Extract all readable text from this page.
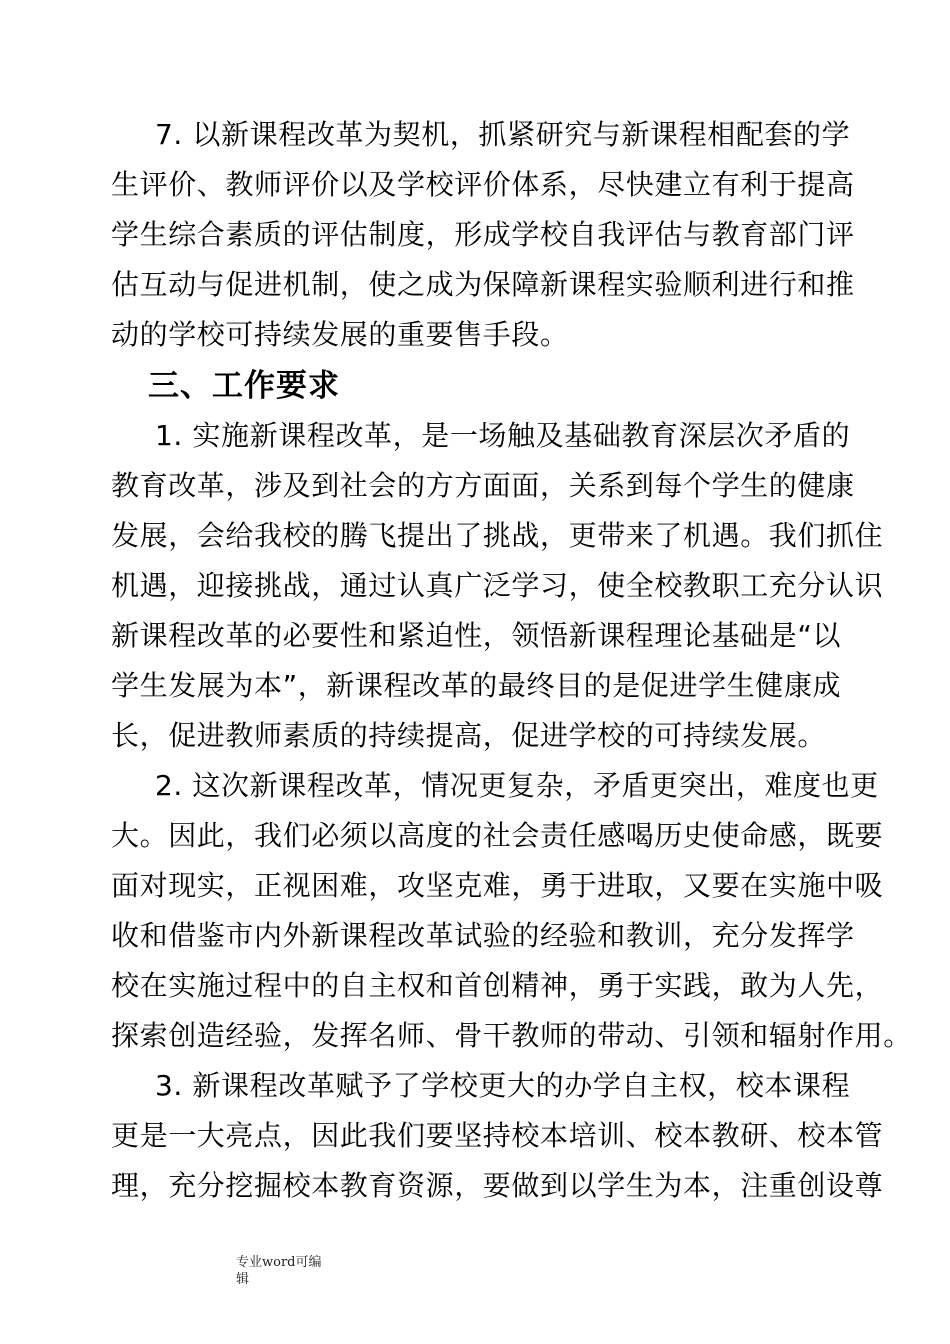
7. 以新课程改革为契机，抓紧研究与新课程相配套的学
生评价、教师评价以及学校评价体系，尽快建立有利于提高
学生综合素质的评估制度，形成学校自我评估与教育部门评
估互动与促进机制，使之成为保障新课程实验顺利进行和推
动的学校可持续发展的重要售手段。
三、工作要求
1. 实施新课程改革，是一场触及基础教育深层次矛盾的
教育改革，涉及到社会的方方面面，关系到每个学生的健康
发展，会给我校的腾飞提出了挑战，更带来了机遇。我们抓住
机遇，迎接挑战，通过认真广泛学习，使全校教职工充分认识
新课程改革的必要性和紧迫性，领悟新课程理论基础是“以
学生发展为本”，新课程改革的最终目的是促进学生健康成
长，促进教师素质的持续提高，促进学校的可持续发展。
2. 这次新课程改革，情况更复杂，矛盾更突出，难度也更
大。因此，我们必须以高度的社会责任感喝历史使命感，既要
面对现实，正视困难，攻坚克难，勇于进取，又要在实施中吸
收和借鉴市内外新课程改革试验的经验和教训，充分发挥学
校在实施过程中的自主权和首创精神，勇于实践，敢为人先，
探索创造经验，发挥名师、骨干教师的带动、引领和辐射作用。
3. 新课程改革赋予了学校更大的办学自主权，校本课程
更是一大亮点，因此我们要坚持校本培训、校本教研、校本管
理，充分挖掘校本教育资源，要做到以学生为本，注重创设尊
专业word可编
辑
